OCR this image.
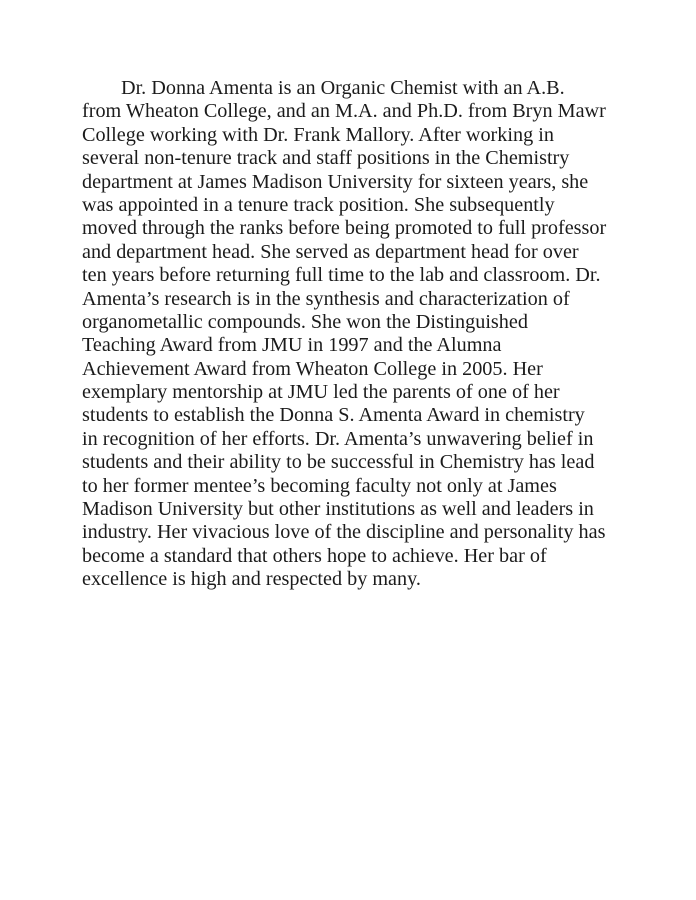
Dr. Donna Amenta is an Organic Chemist with an A.B.
from Wheaton College, and an M.A. and Ph.D. from Bryn Mawr
College working with Dr. Frank Mallory. After working in
several non-tenure track and staff positions in the Chemistry
department at James Madison University for sixteen years, she
was appointed in a tenure track position. She subsequently
moved through the ranks before being promoted to full professor
and department head. She served as department head for over
ten years before returning full time to the lab and classroom. Dr.
Amenta’s research is in the synthesis and characterization of
organometallic compounds. She won the Distinguished
Teaching Award from JMU in 1997 and the Alumna
Achievement Award from Wheaton College in 2005. Her
exemplary mentorship at JMU led the parents of one of her
students to establish the Donna S. Amenta Award in chemistry
in recognition of her efforts. Dr. Amenta’s unwavering belief in
students and their ability to be successful in Chemistry has lead
to her former mentee’s becoming faculty not only at James
Madison University but other institutions as well and leaders in
industry. Her vivacious love of the discipline and personality has
become a standard that others hope to achieve. Her bar of
excellence is high and respected by many.
